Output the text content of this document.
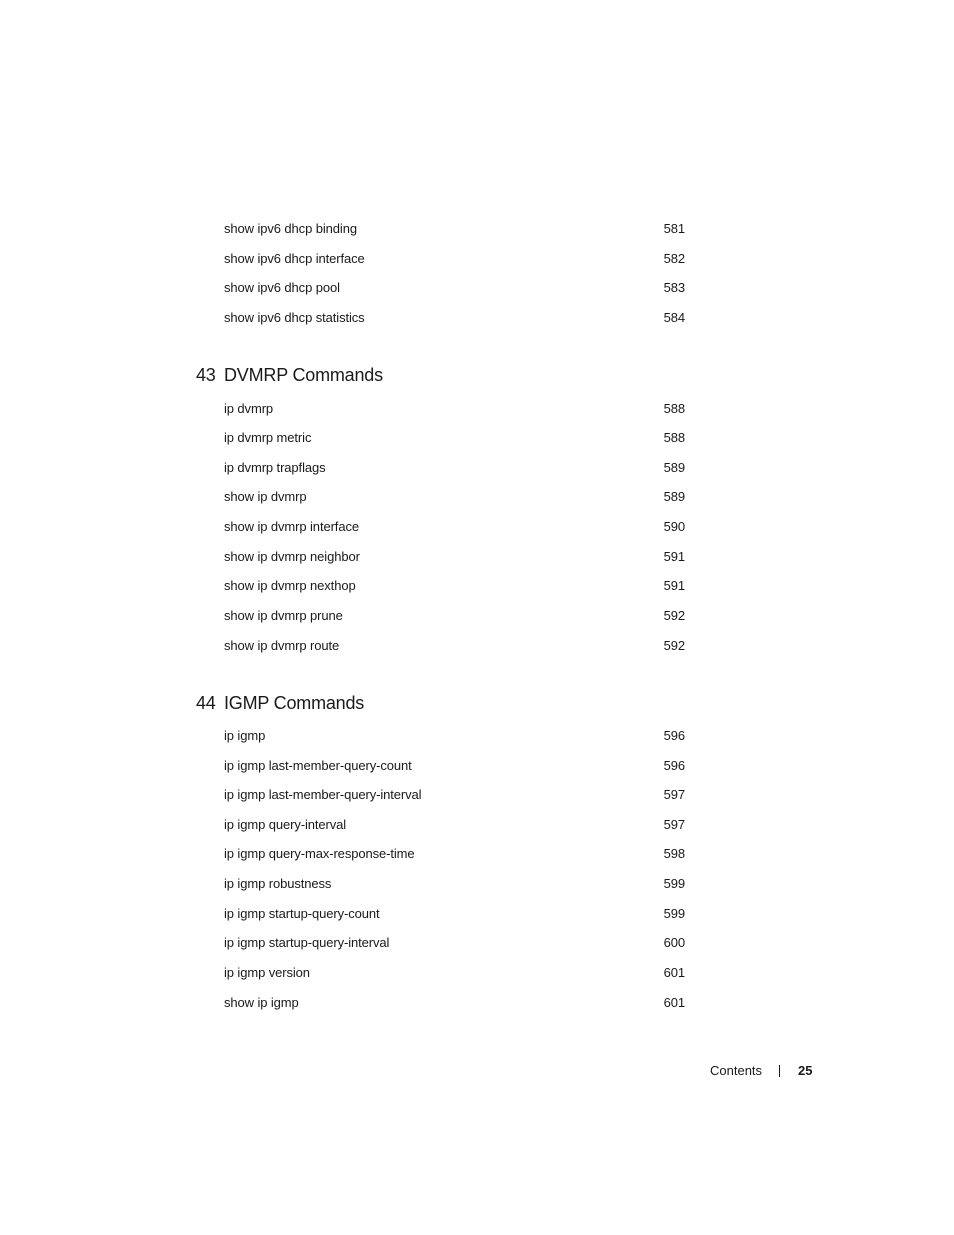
show ipv6 dhcp binding	581
show ipv6 dhcp interface	582
show ipv6 dhcp pool	583
show ipv6 dhcp statistics	584
43 DVMRP Commands
ip dvmrp	588
ip dvmrp metric	588
ip dvmrp trapflags	589
show ip dvmrp	589
show ip dvmrp interface	590
show ip dvmrp neighbor	591
show ip dvmrp nexthop	591
show ip dvmrp prune	592
show ip dvmrp route	592
44 IGMP Commands
ip igmp	596
ip igmp last-member-query-count	596
ip igmp last-member-query-interval	597
ip igmp query-interval	597
ip igmp query-max-response-time	598
ip igmp robustness	599
ip igmp startup-query-count	599
ip igmp startup-query-interval	600
ip igmp version	601
show ip igmp	601
Contents	25
